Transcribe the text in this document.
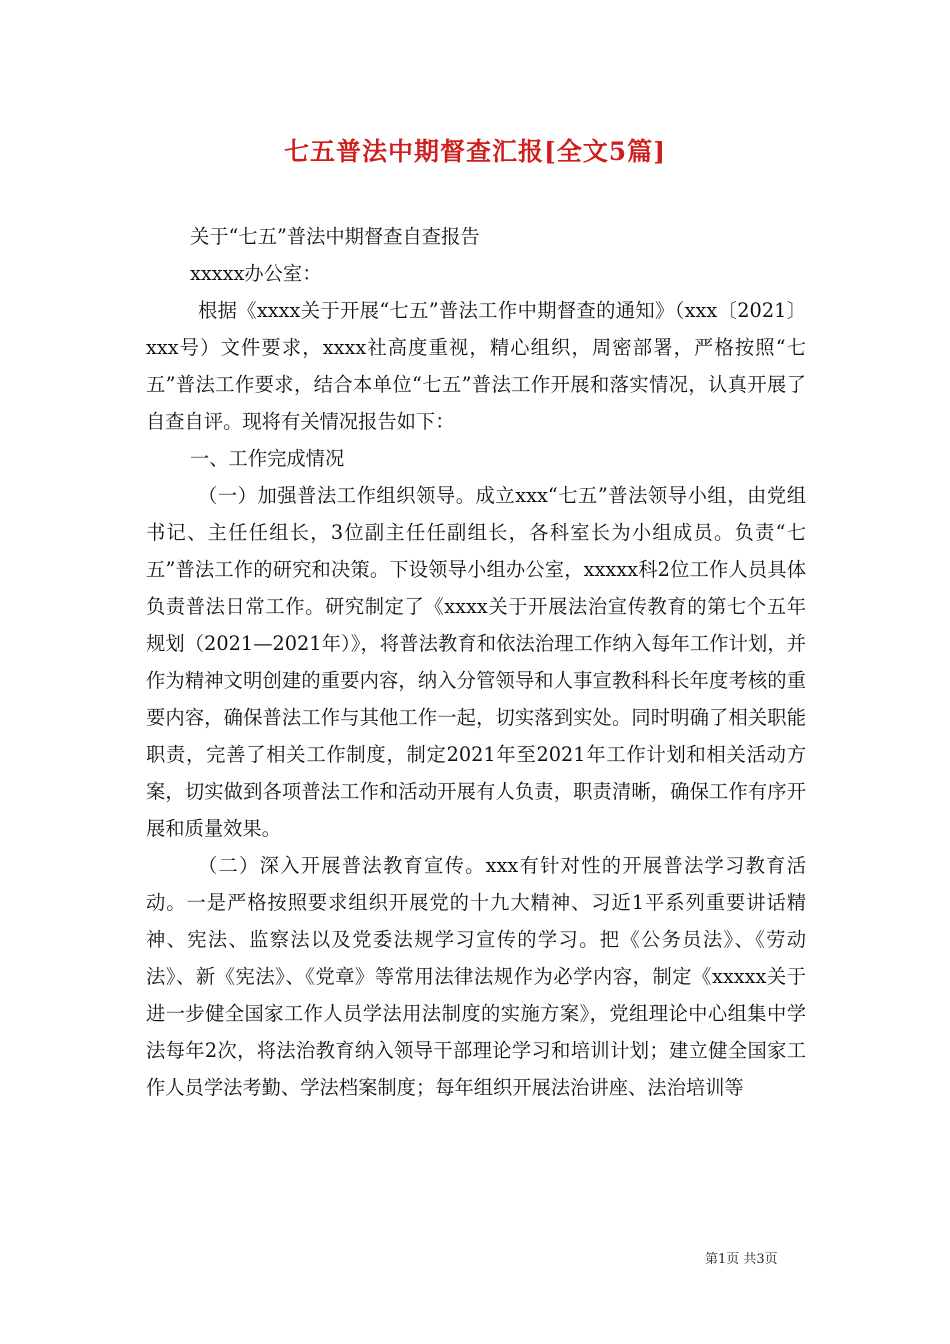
七五普法中期督查汇报[全文5篇]

关于“七五”普法中期督查自查报告

xxxxx办公室：

根据《xxxx关于开展“七五”普法工作中期督查的通知》（xxx〔2021〕xxx号）文件要求，xxxx社高度重视，精心组织，周密部署，严格按照“七五”普法工作要求，结合本单位“七五”普法工作开展和落实情况，认真开展了自查自评。现将有关情况报告如下：

一、工作完成情况

（一）加强普法工作组织领导。成立xxx“七五”普法领导小组，由党组书记、主任任组长，3位副主任任副组长，各科室长为小组成员。负责“七五”普法工作的研究和决策。下设领导小组办公室，xxxxx科2位工作人员具体负责普法日常工作。研究制定了《xxxx关于开展法治宣传教育的第七个五年规划（2021—2021年）》，将普法教育和依法治理工作纳入每年工作计划，并作为精神文明创建的重要内容，纳入分管领导和人事宣教科科长年度考核的重要内容，确保普法工作与其他工作一起，切实落到实处。同时明确了相关职能职责，完善了相关工作制度，制定2021年至2021年工作计划和相关活动方案，切实做到各项普法工作和活动开展有人负责，职责清晰，确保工作有序开展和质量效果。

（二）深入开展普法教育宣传。xxx有针对性的开展普法学习教育活动。一是严格按照要求组织开展党的十九大精神、习近1平系列重要讲话精神、宪法、监察法以及党委法规学习宣传的学习。把《公务员法》、《劳动法》、新《宪法》、《党章》等常用法律法规作为必学内容，制定《xxxxx关于进一步健全国家工作人员学法用法制度的实施方案》，党组理论中心组集中学法每年2次，将法治教育纳入领导干部理论学习和培训计划；建立健全国家工作人员学法考勤、学法档案制度；每年组织开展法治讲座、法治培训等

第1页 共3页
